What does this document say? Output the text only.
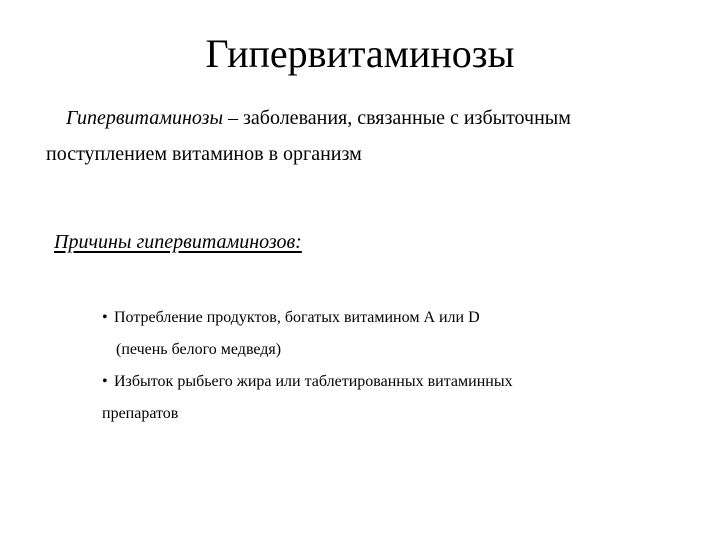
Гипервитаминозы
Гипервитаминозы – заболевания, связанные с избыточным
поступлением витаминов в организм
Причины гипервитаминозов:
• Потребление продуктов, богатых витамином А или D
(печень белого медведя)
• Избыток рыбьего жира или таблетированных витаминных
препаратов
